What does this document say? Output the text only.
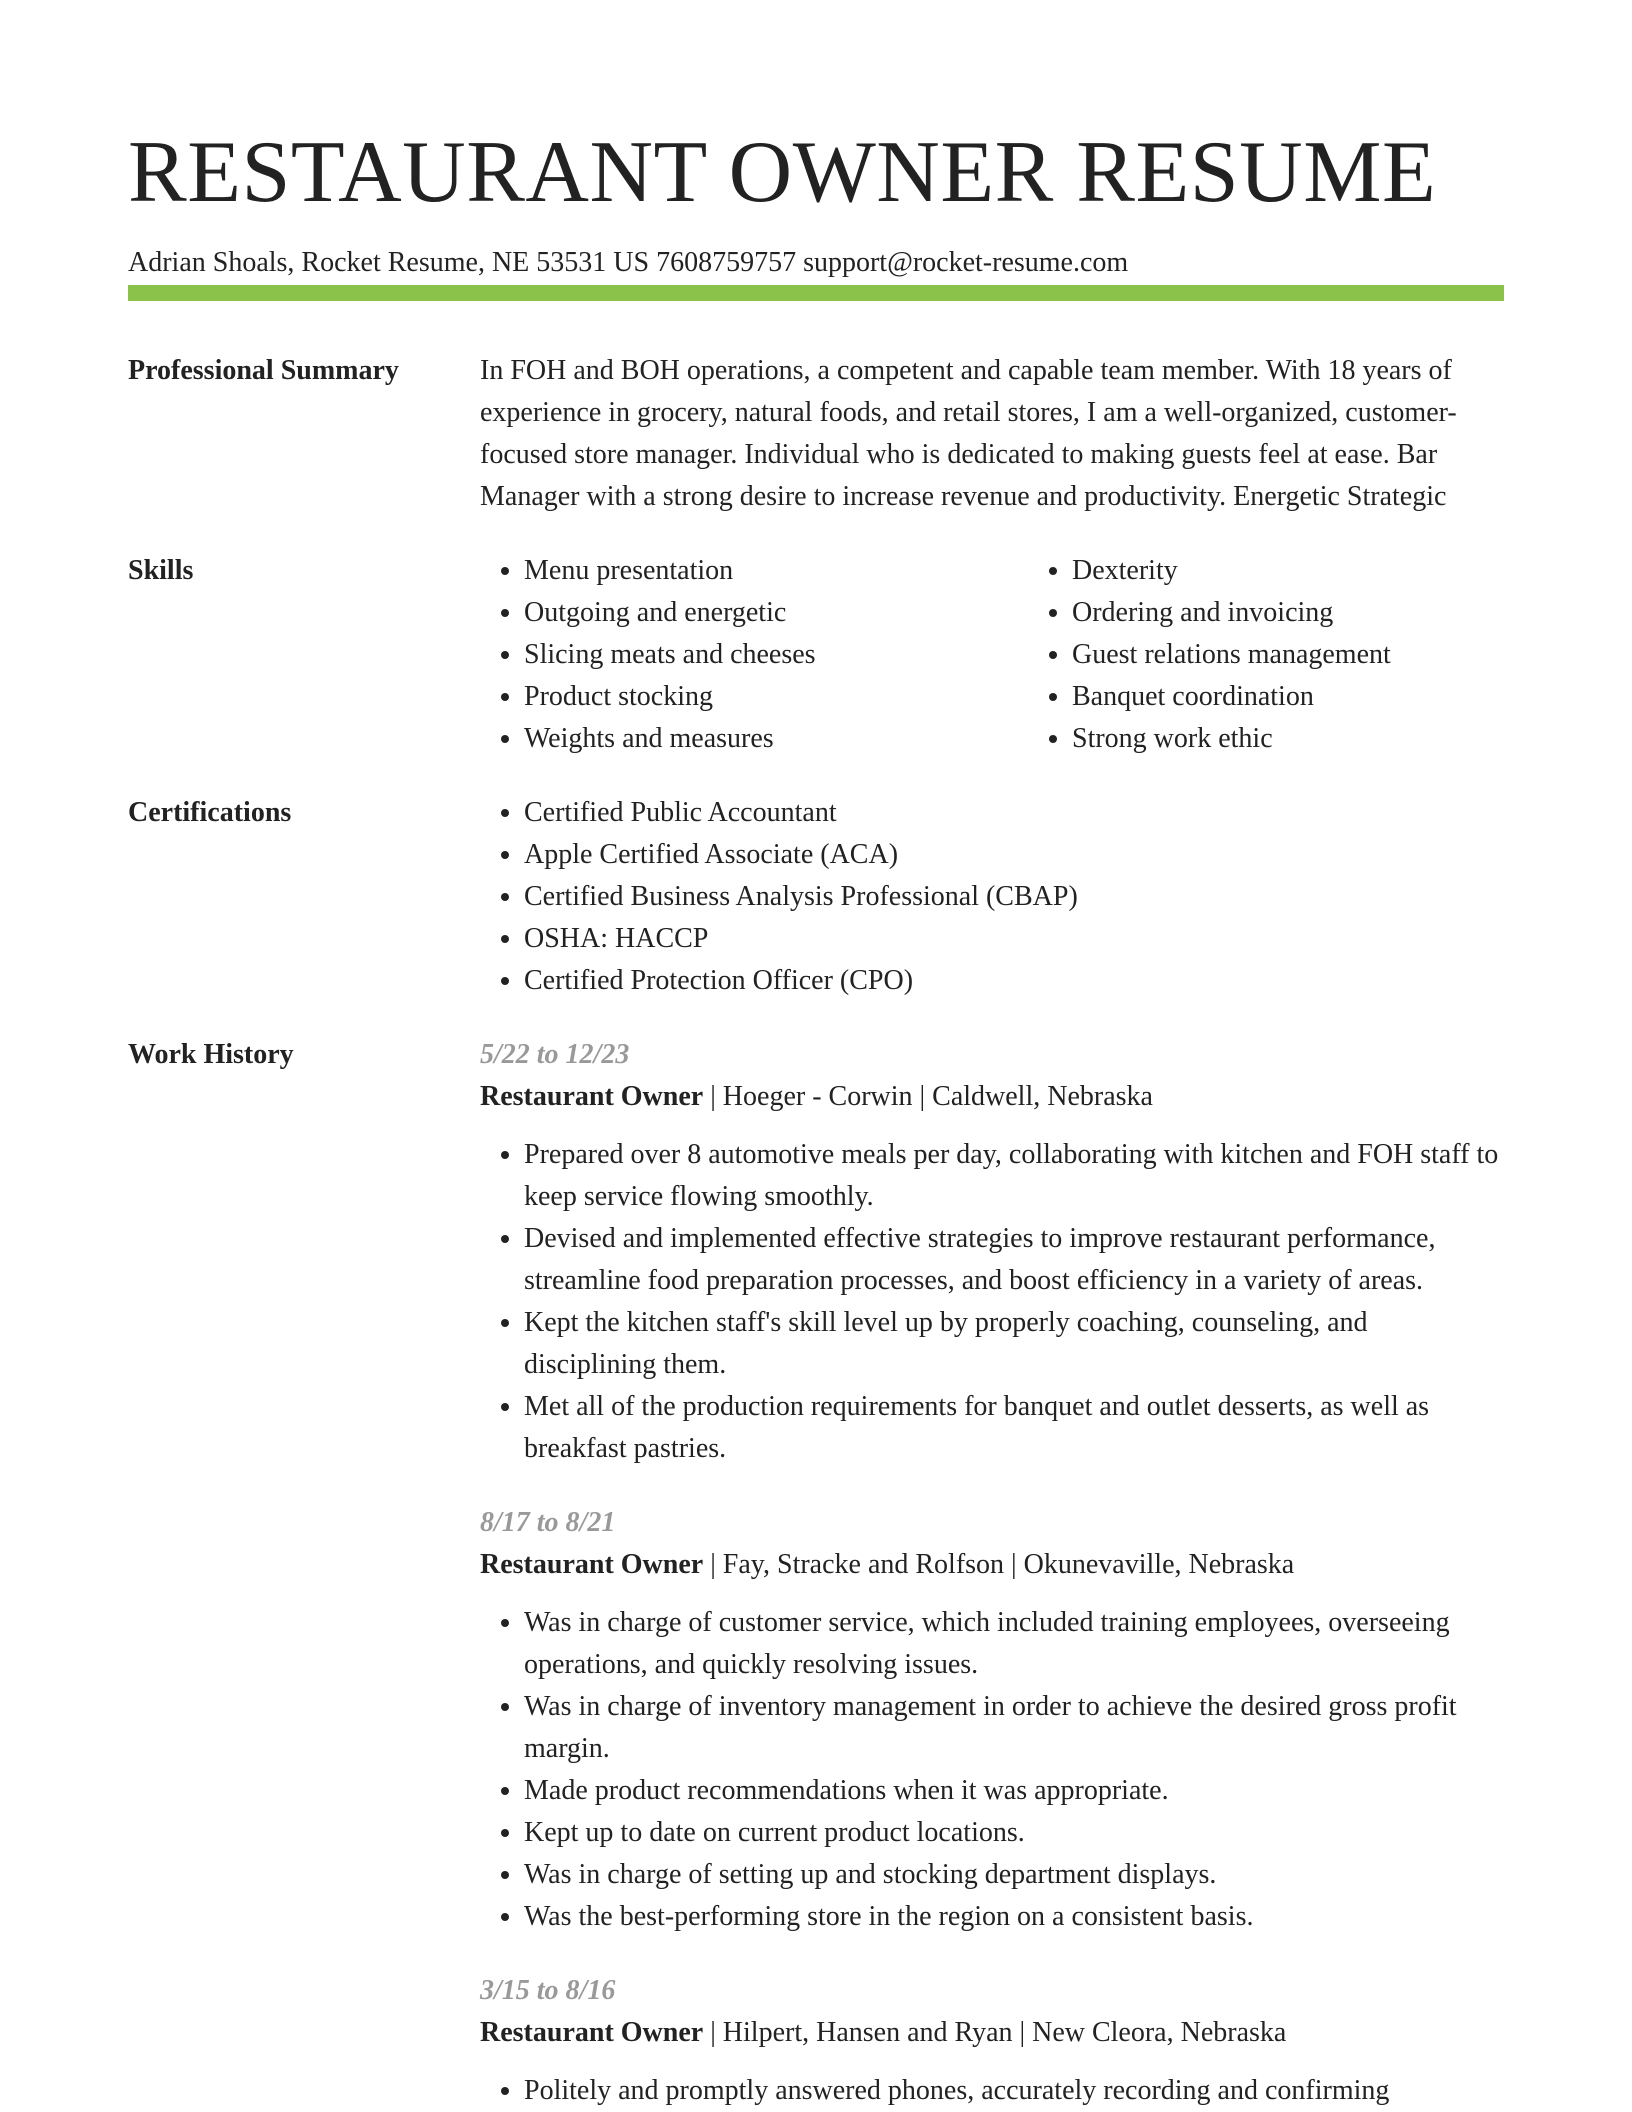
RESTAURANT OWNER RESUME
Adrian Shoals, Rocket Resume, NE 53531 US 7608759757 support@rocket-resume.com
Professional Summary	In FOH and BOH operations, a competent and capable team member. With 18 years of experience in grocery, natural foods, and retail stores, I am a well-organized, customer-focused store manager. Individual who is dedicated to making guests feel at ease. Bar Manager with a strong desire to increase revenue and productivity. Energetic Strategic

Skills	• Menu presentation
• Outgoing and energetic
• Slicing meats and cheeses
• Product stocking
• Weights and measures
• Dexterity
• Ordering and invoicing
• Guest relations management
• Banquet coordination
• Strong work ethic
Certifications	• Certified Public Accountant
• Apple Certified Associate (ACA)
• Certified Business Analysis Professional (CBAP)
• OSHA: HACCP
• Certified Protection Officer (CPO)
Work History	5/22 to 12/23
Restaurant Owner | Hoeger - Corwin | Caldwell, Nebraska
• Prepared over 8 automotive meals per day, collaborating with kitchen and FOH staff to keep service flowing smoothly.
• Devised and implemented effective strategies to improve restaurant performance, streamline food preparation processes, and boost efficiency in a variety of areas.
• Kept the kitchen staff's skill level up by properly coaching, counseling, and disciplining them.
• Met all of the production requirements for banquet and outlet desserts, as well as breakfast pastries.
8/17 to 8/21
Restaurant Owner | Fay, Stracke and Rolfson | Okunevaville, Nebraska
• Was in charge of customer service, which included training employees, overseeing operations, and quickly resolving issues.
• Was in charge of inventory management in order to achieve the desired gross profit margin.
• Made product recommendations when it was appropriate.
• Kept up to date on current product locations.
• Was in charge of setting up and stocking department displays.
• Was the best-performing store in the region on a consistent basis.
3/15 to 8/16
Restaurant Owner | Hilpert, Hansen and Ryan | New Cleora, Nebraska
• Politely and promptly answered phones, accurately recording and confirming
